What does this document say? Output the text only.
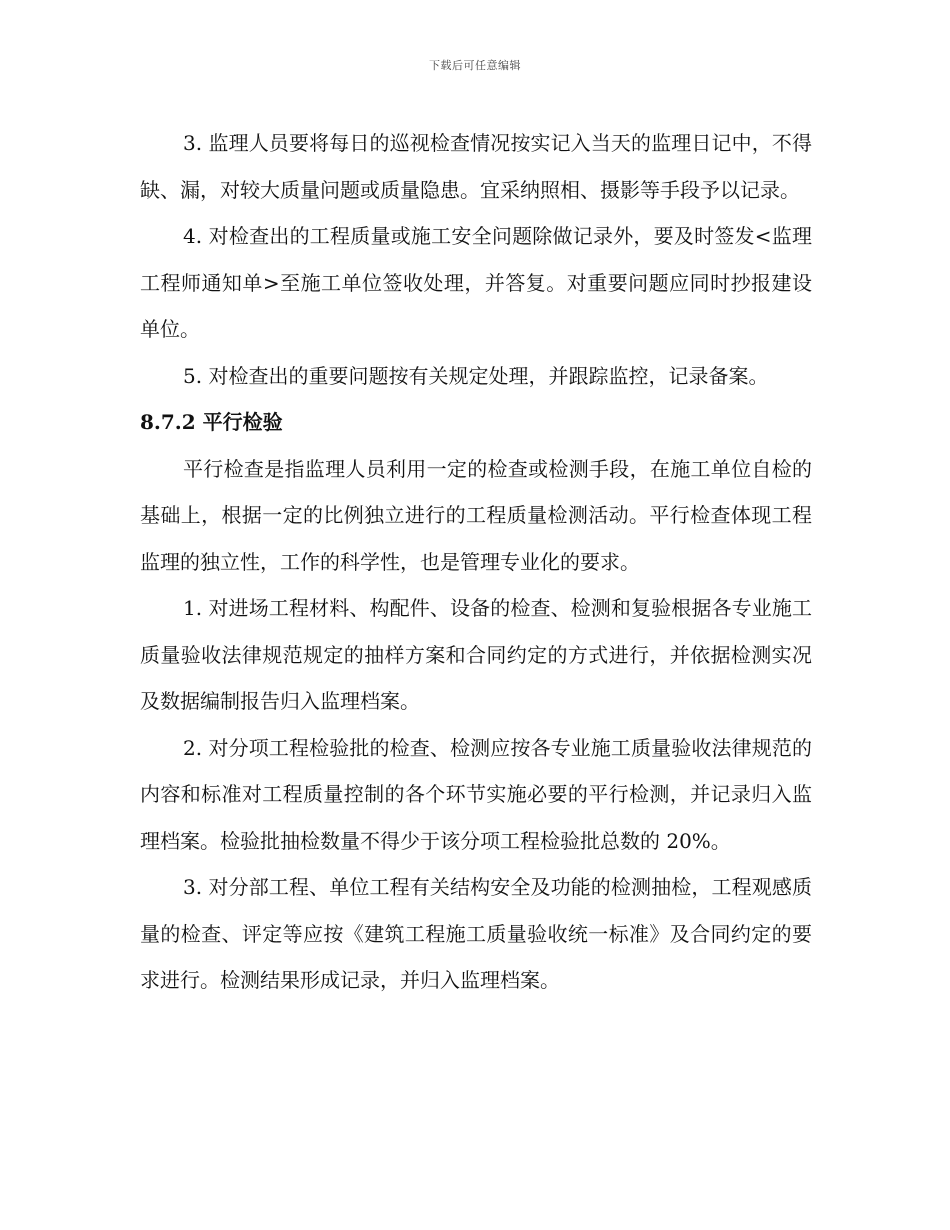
下载后可任意编辑

3. 监理人员要将每日的巡视检查情况按实记入当天的监理日记中，不得缺、漏，对较大质量问题或质量隐患。宜采纳照相、摄影等手段予以记录。

4. 对检查出的工程质量或施工安全问题除做记录外，要及时签发<监理工程师通知单>至施工单位签收处理，并答复。对重要问题应同时抄报建设单位。

5. 对检查出的重要问题按有关规定处理，并跟踪监控，记录备案。

8.7.2 平行检验

平行检查是指监理人员利用一定的检查或检测手段，在施工单位自检的基础上，根据一定的比例独立进行的工程质量检测活动。平行检查体现工程监理的独立性，工作的科学性，也是管理专业化的要求。

1. 对进场工程材料、构配件、设备的检查、检测和复验根据各专业施工质量验收法律规范规定的抽样方案和合同约定的方式进行，并依据检测实况及数据编制报告归入监理档案。

2. 对分项工程检验批的检查、检测应按各专业施工质量验收法律规范的内容和标准对工程质量控制的各个环节实施必要的平行检测，并记录归入监理档案。检验批抽检数量不得少于该分项工程检验批总数的 20%。

3. 对分部工程、单位工程有关结构安全及功能的检测抽检，工程观感质量的检查、评定等应按《建筑工程施工质量验收统一标准》及合同约定的要求进行。检测结果形成记录，并归入监理档案。
